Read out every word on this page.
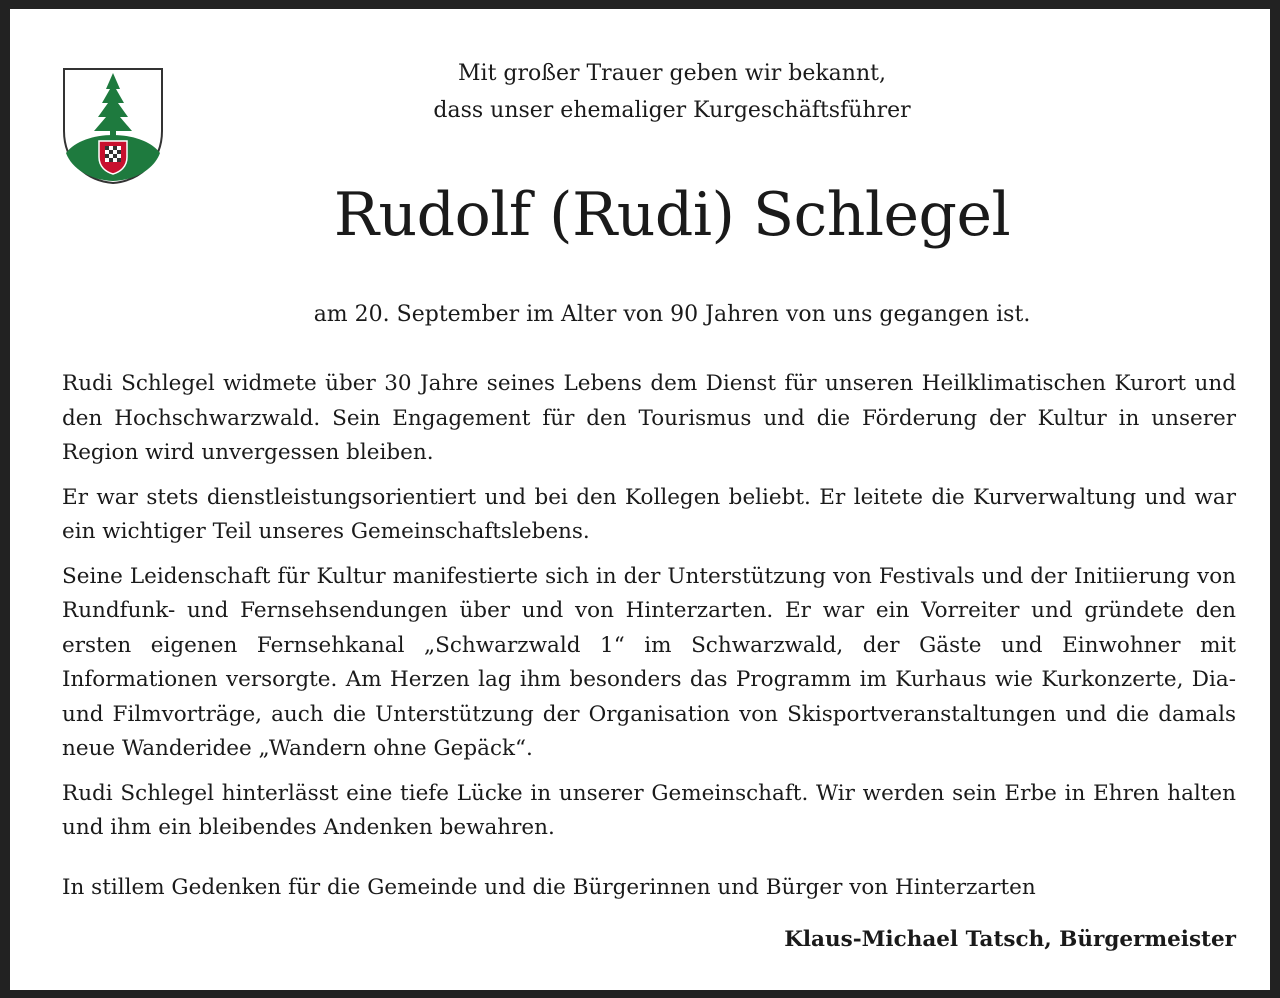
Mit großer Trauer geben wir bekannt,
dass unser ehemaliger Kurgeschäftsführer
Rudolf (Rudi) Schlegel
am 20. September im Alter von 90 Jahren von uns gegangen ist.

Rudi Schlegel widmete über 30 Jahre seines Lebens dem Dienst für unseren Heilklimatischen Kurort und den Hochschwarzwald. Sein Engagement für den Tourismus und die Förderung der Kultur in unserer Region wird unvergessen bleiben.

Er war stets dienstleistungsorientiert und bei den Kollegen beliebt. Er leitete die Kurverwaltung und war ein wichtiger Teil unseres Gemeinschaftslebens.

Seine Leidenschaft für Kultur manifestierte sich in der Unterstützung von Festivals und der Initiierung von Rundfunk- und Fernsehsendungen über und von Hinterzarten. Er war ein Vorreiter und gründete den ersten eigenen Fernsehkanal „Schwarzwald 1“ im Schwarzwald, der Gäste und Einwohner mit Informationen versorgte. Am Herzen lag ihm besonders das Programm im Kurhaus wie Kurkonzerte, Dia- und Filmvorträge, auch die Unterstützung der Organisation von Skisportveranstaltungen und die damals neue Wanderidee „Wandern ohne Gepäck“.

Rudi Schlegel hinterlässt eine tiefe Lücke in unserer Gemeinschaft. Wir werden sein Erbe in Ehren halten und ihm ein bleibendes Andenken bewahren.

In stillem Gedenken für die Gemeinde und die Bürgerinnen und Bürger von Hinterzarten
Klaus-Michael Tatsch, Bürgermeister
